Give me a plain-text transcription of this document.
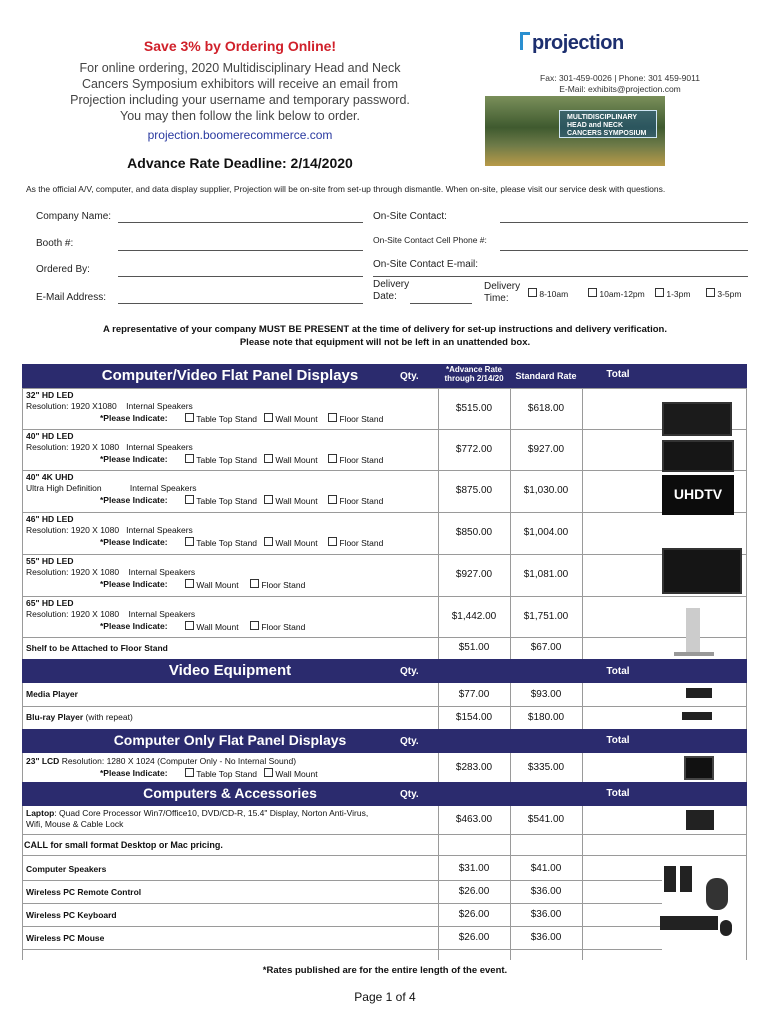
Save 3% by Ordering Online!
For online ordering, 2020 Multidisciplinary Head and Neck Cancers Symposium exhibitors will receive an email from Projection including your username and temporary password. You may then follow the link below to order.
projection.boomerecommerce.com
Advance Rate Deadline: 2/14/2020
projection
Fax: 301-459-0026 | Phone: 301 459-9011
E-Mail: exhibits@projection.com
MULTIDISCIPLINARY HEAD and NECK CANCERS SYMPOSIUM
As the official A/V, computer, and data display supplier, Projection will be on-site from set-up through dismantle. When on-site, please visit our service desk with questions.
Company Name:
Booth #:
Ordered By:
E-Mail Address:
On-Site Contact:
On-Site Contact Cell Phone #:
On-Site Contact E-mail:
Delivery
Date:
Delivery
Time:	8-10am	10am-12pm	1-3pm	3-5pm
A representative of your company MUST BE PRESENT at the time of delivery for set-up instructions and delivery verification.
Please note that equipment will not be left in an unattended box.
Computer/Video Flat Panel Displays	Qty.
*Advance Rate through 2/14/20	Standard Rate	Total
32" HD LED
Resolution: 1920 X1080    Internal Speakers
*Please Indicate:	Table Top Stand	Wall Mount	Floor Stand
$515.00	$618.00
40" HD LED
Resolution: 1920 X 1080   Internal Speakers
*Please Indicate:	Table Top Stand	Wall Mount	Floor Stand
$772.00	$927.00
40" 4K UHD
Ultra High Definition            Internal Speakers
*Please Indicate:	Table Top Stand	Wall Mount	Floor Stand
$875.00	$1,030.00
46" HD LED
Resolution: 1920 X 1080   Internal Speakers
*Please Indicate:	Table Top Stand	Wall Mount	Floor Stand
$850.00	$1,004.00
55" HD LED
Resolution: 1920 X 1080    Internal Speakers
*Please Indicate:	Wall Mount	Floor Stand
$927.00	$1,081.00
65" HD LED
Resolution: 1920 X 1080    Internal Speakers
*Please Indicate:	Wall Mount	Floor Stand
$1,442.00	$1,751.00
Shelf to be Attached to Floor Stand	$51.00	$67.00
Video Equipment	Qty.	Total
Media Player	$77.00	$93.00
Blu-ray Player (with repeat)	$154.00	$180.00
Computer Only Flat Panel Displays	Qty.	Total
23" LCD Resolution: 1280 X 1024 (Computer Only - No Internal Sound)
*Please Indicate:	Table Top Stand	Wall Mount
$283.00	$335.00
Computers & Accessories	Qty.	Total
Laptop: Quad Core Processor Win7/Office10, DVD/CD-R, 15.4" Display, Norton Anti-Virus, Wifi, Mouse & Cable Lock	$463.00	$541.00
CALL for small format Desktop or Mac pricing.
Computer Speakers	$31.00	$41.00
Wireless PC Remote Control	$26.00	$36.00
Wireless PC Keyboard	$26.00	$36.00
Wireless PC Mouse	$26.00	$36.00
UHDTV
*Rates published are for the entire length of the event.
Page 1 of 4
